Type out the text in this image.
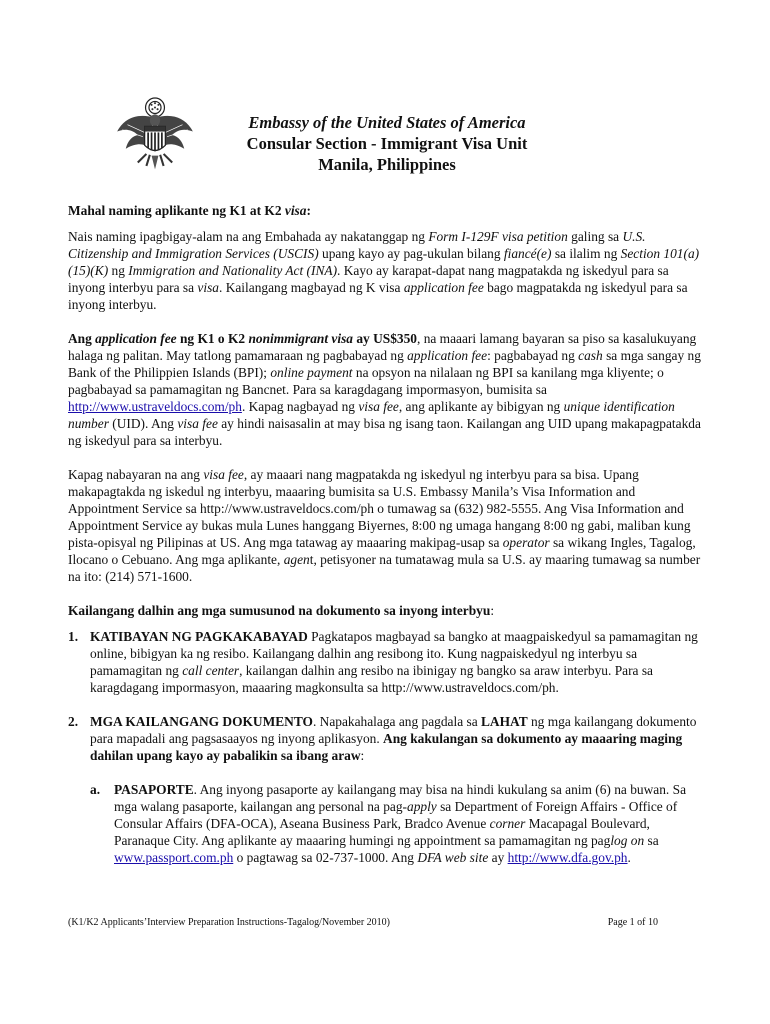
Embassy of the United States of America
Consular Section - Immigrant Visa Unit
Manila, Philippines

Mahal naming aplikante ng K1 at K2 visa:

Nais naming ipagbigay-alam na ang Embahada ay nakatanggap ng Form I-129F visa petition galing sa U.S. Citizenship and Immigration Services (USCIS) upang kayo ay pag-ukulan bilang fiancé(e) sa ilalim ng Section 101(a)(15)(K) ng Immigration and Nationality Act (INA). Kayo ay karapat-dapat nang magpatakda ng iskedyul para sa inyong interbyu para sa visa. Kailangang magbayad ng K visa application fee bago magpatakda ng iskedyul para sa inyong interbyu.

Ang application fee ng K1 o K2 nonimmigrant visa ay US$350, na maaari lamang bayaran sa piso sa kasalukuyang halaga ng palitan. May tatlong pamamaraan ng pagbabayad ng application fee: pagbabayad ng cash sa mga sangay ng Bank of the Philippien Islands (BPI); online payment na opsyon na nilalaan ng BPI sa kanilang mga kliyente; o pagbabayad sa pamamagitan ng Bancnet. Para sa karagdagang impormasyon, bumisita sa http://www.ustraveldocs.com/ph. Kapag nagbayad ng visa fee, ang aplikante ay bibigyan ng unique identification number (UID). Ang visa fee ay hindi naisasalin at may bisa ng isang taon. Kailangan ang UID upang makapagpatakda ng iskedyul para sa interbyu.

Kapag nabayaran na ang visa fee, ay maaari nang magpatakda ng iskedyul ng interbyu para sa bisa. Upang makapagtakda ng iskedul ng interbyu, maaaring bumisita sa U.S. Embassy Manila’s Visa Information and Appointment Service sa http://www.ustraveldocs.com/ph o tumawag sa (632) 982-5555. Ang Visa Information and Appointment Service ay bukas mula Lunes hanggang Biyernes, 8:00 ng umaga hangang 8:00 ng gabi, maliban kung pista-opisyal ng Pilipinas at US. Ang mga tatawag ay maaaring makipag-usap sa operator sa wikang Ingles, Tagalog, Ilocano o Cebuano. Ang mga aplikante, agent, petisyoner na tumatawag mula sa U.S. ay maaring tumawag sa number na ito: (214) 571-1600.

Kailangang dalhin ang mga sumusunod na dokumento sa inyong interbyu:

1. KATIBAYAN NG PAGKAKABAYAD Pagkatapos magbayad sa bangko at maagpaiskedyul sa pamamagitan ng online, bibigyan ka ng resibo. Kailangang dalhin ang resibong ito. Kung nagpaiskedyul ng interbyu sa pamamagitan ng call center, kailangan dalhin ang resibo na ibinigay ng bangko sa araw interbyu. Para sa karagdagang impormasyon, maaaring magkonsulta sa http://www.ustraveldocs.com/ph.
2. MGA KAILANGANG DOKUMENTO. Napakahalaga ang pagdala sa LAHAT ng mga kailangang dokumento para mapadali ang pagsasaayos ng inyong aplikasyon. Ang kakulangan sa dokumento ay maaaring maging dahilan upang kayo ay pabalikin sa ibang araw:
a. PASAPORTE. Ang inyong pasaporte ay kailangang may bisa na hindi kukulang sa anim (6) na buwan. Sa mga walang pasaporte, kailangan ang personal na pag-apply sa Department of Foreign Affairs - Office of Consular Affairs (DFA-OCA), Aseana Business Park, Bradco Avenue corner Macapagal Boulevard, Paranaque City. Ang aplikante ay maaaring humingi ng appointment sa pamamagitan ng paglog on sa www.passport.com.ph o pagtawag sa 02-737-1000. Ang DFA web site ay http://www.dfa.gov.ph.
(K1/K2 Applicants’Interview Preparation Instructions-Tagalog/November 2010)	Page 1 of 10
